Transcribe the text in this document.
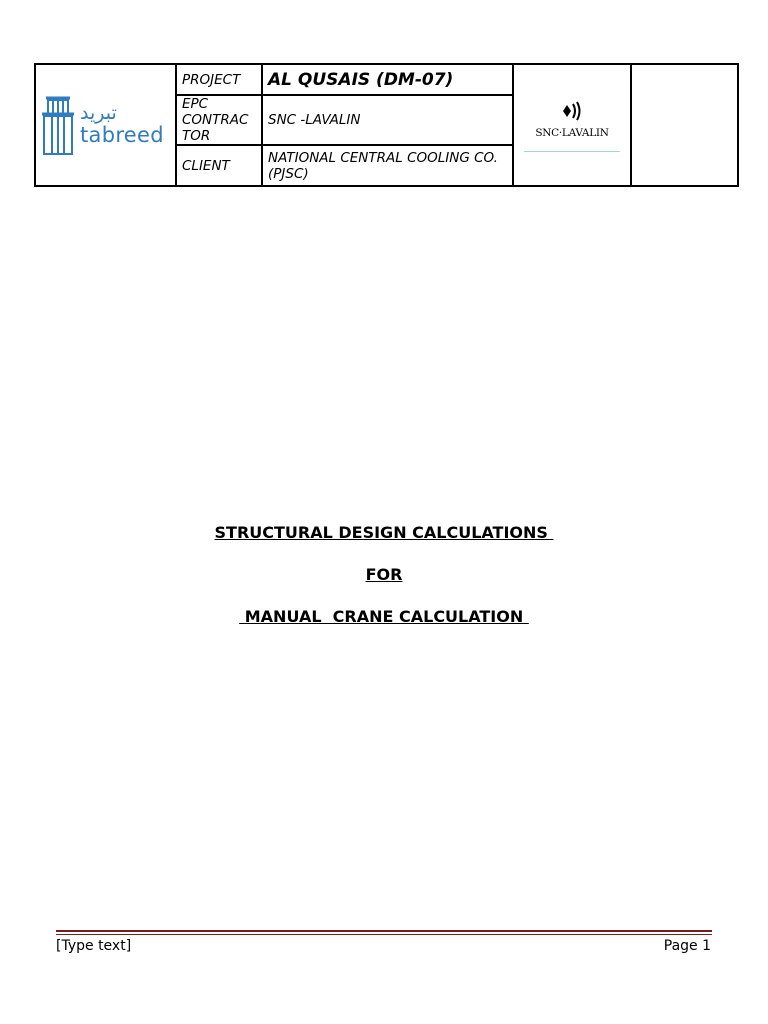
تبريد
tabreed	PROJECT	AL QUSAIS (DM-07)	SNC·LAVALIN	

	EPC
CONTRAC
TOR	SNC -LAVALIN		
	CLIENT	NATIONAL CENTRAL COOLING CO.
(PJSC)		
STRUCTURAL DESIGN CALCULATIONS
FOR
MANUAL  CRANE CALCULATION
[Type text]	Page 1
